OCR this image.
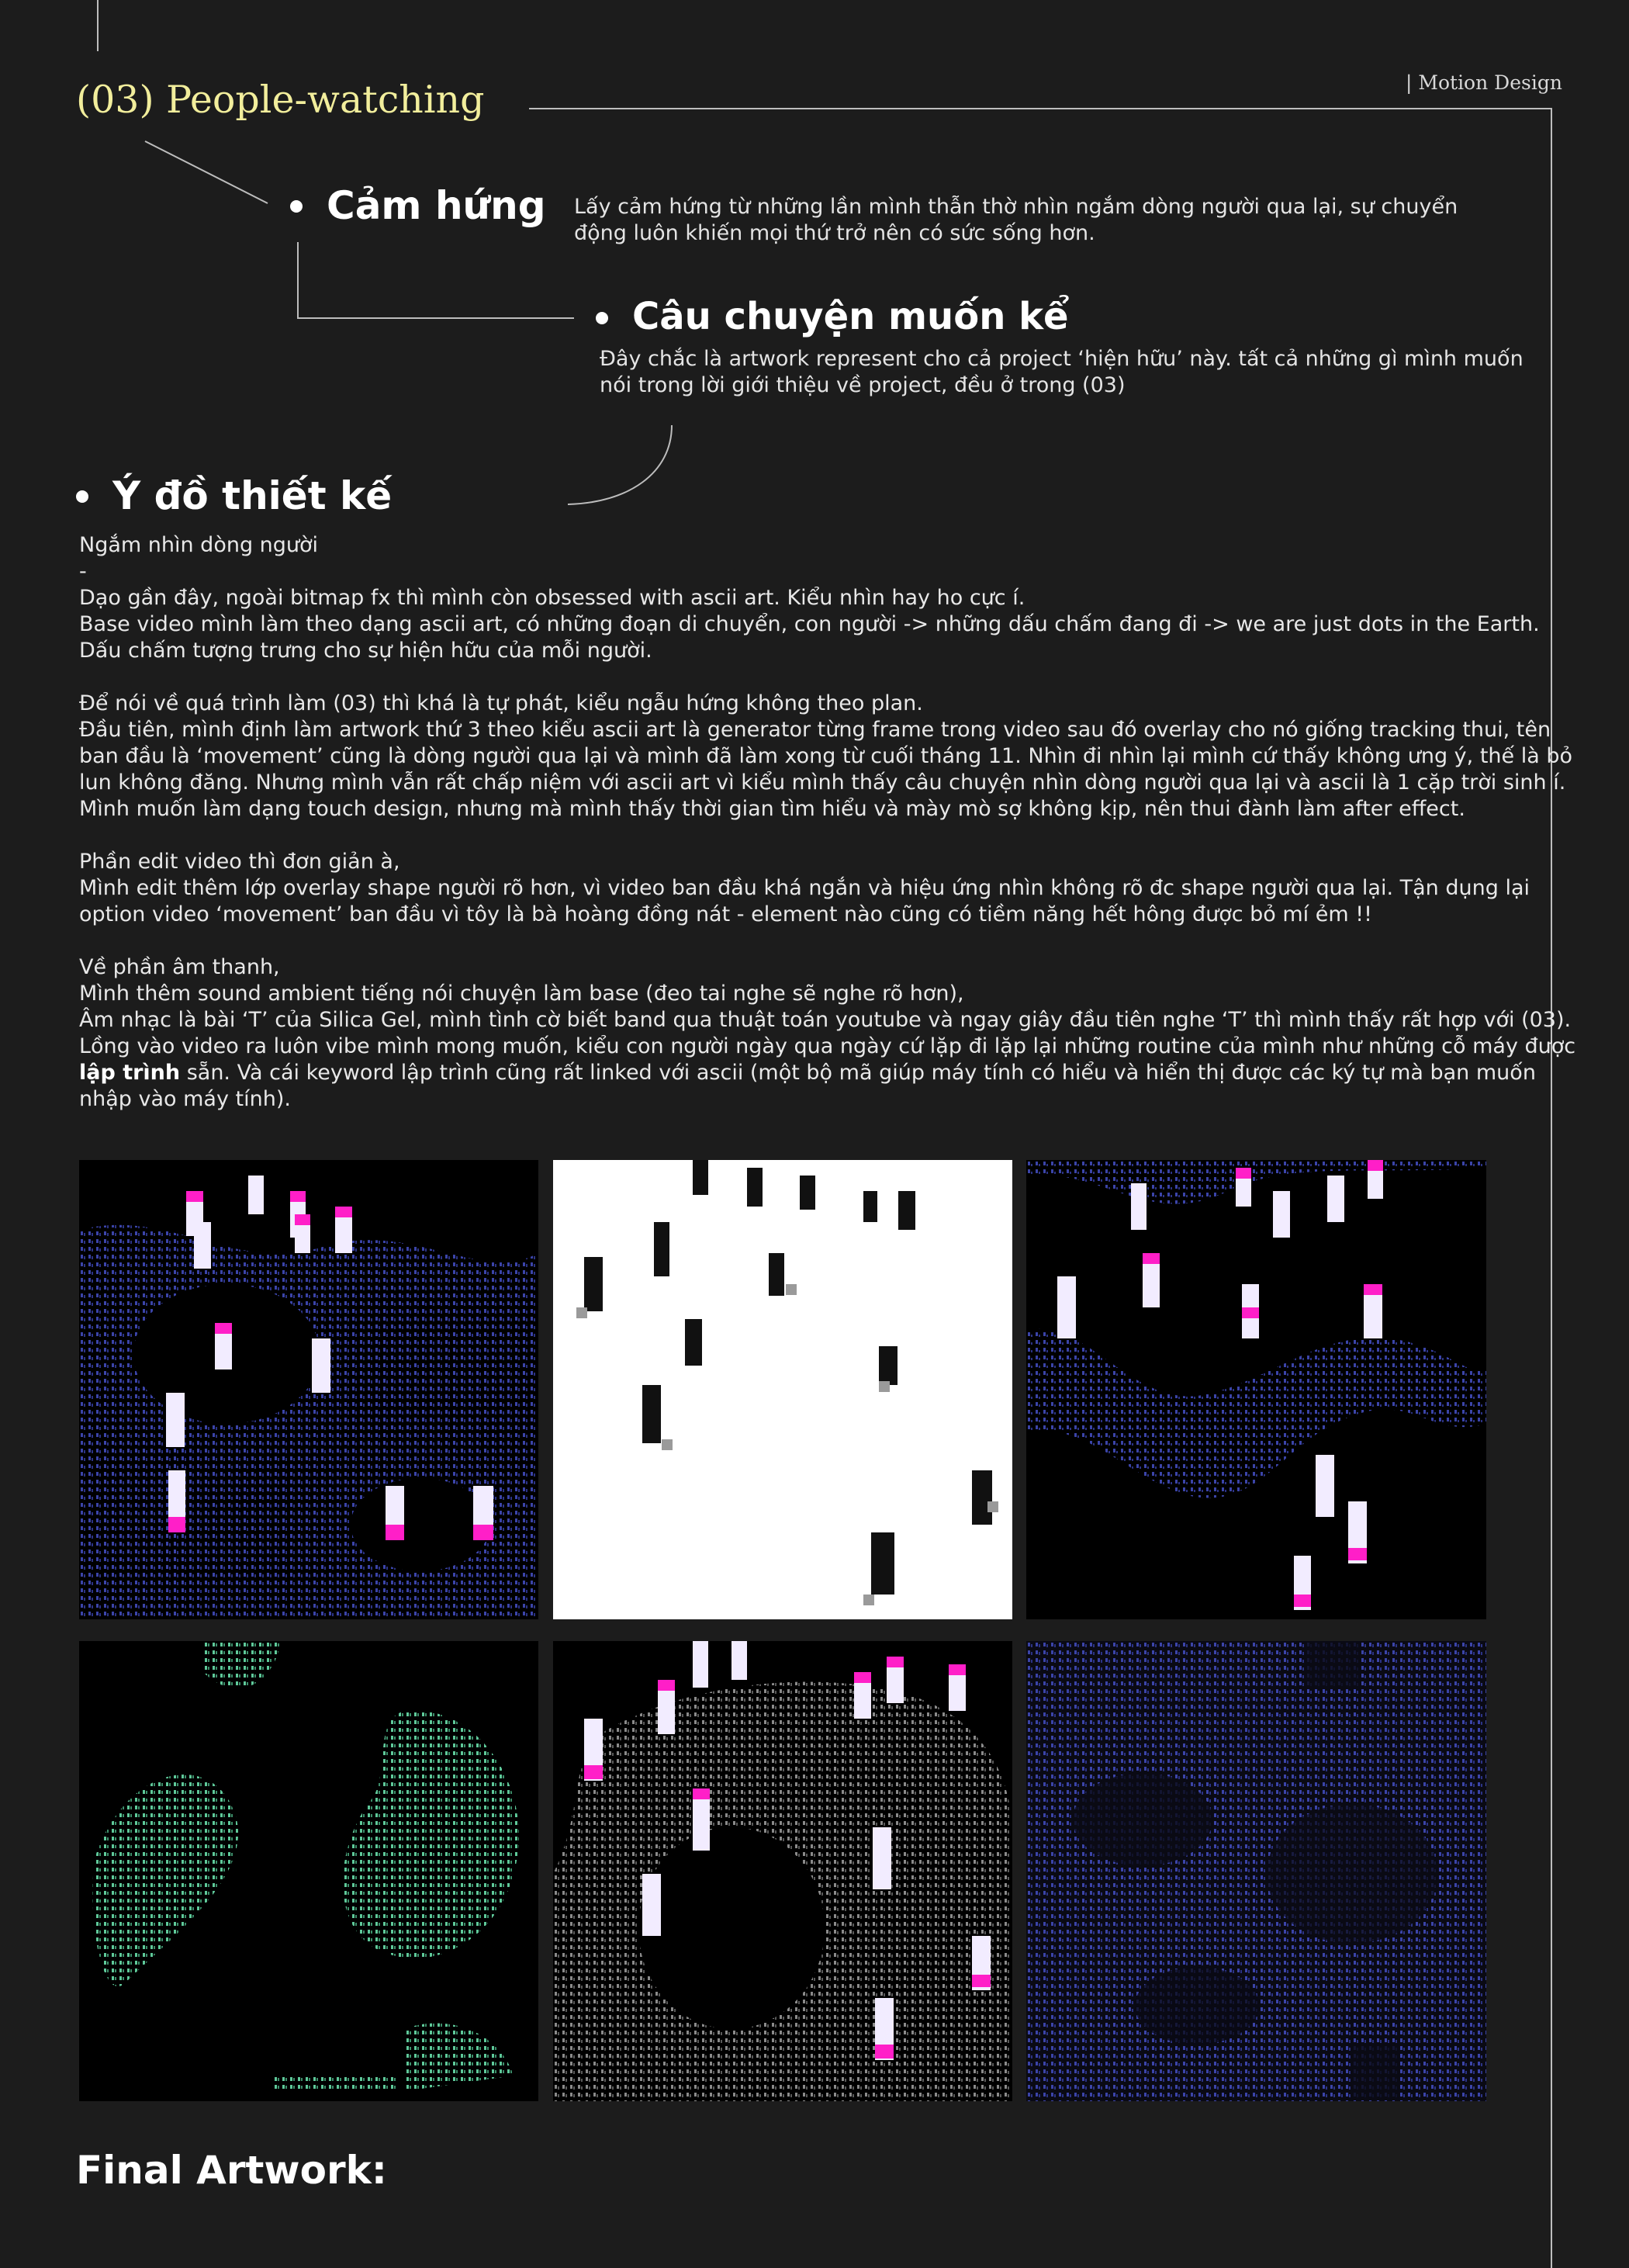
(03) People-watching	| Motion Design
Cảm hứng Lấy cảm hứng từ những lần mình thẫn thờ nhìn ngắm dòng người qua lại, sự chuyển động luôn khiến mọi thứ trở nên có sức sống hơn.
Câu chuyện muốn kể
Đây chắc là artwork represent cho cả project ‘hiện hữu’ này. tất cả những gì mình muốn nói trong lời giới thiệu về project, đều ở trong (03)
Ý đồ thiết kế
Ngắm nhìn dòng người
-
Dạo gần đây, ngoài bitmap fx thì mình còn obsessed with ascii art. Kiểu nhìn hay ho cực í.
Base video mình làm theo dạng ascii art, có những đoạn di chuyển, con người -> những dấu chấm đang đi -> we are just dots in the Earth.
Dấu chấm tượng trưng cho sự hiện hữu của mỗi người.
Để nói về quá trình làm (03) thì khá là tự phát, kiểu ngẫu hứng không theo plan.
Đầu tiên, mình định làm artwork thứ 3 theo kiểu ascii art là generator từng frame trong video sau đó overlay cho nó giống tracking thui, tên
ban đầu là ‘movement’ cũng là dòng người qua lại và mình đã làm xong từ cuối tháng 11. Nhìn đi nhìn lại mình cứ thấy không ưng ý, thế là bỏ
lun không đăng. Nhưng mình vẫn rất chấp niệm với ascii art vì kiểu mình thấy câu chuyện nhìn dòng người qua lại và ascii là 1 cặp trời sinh í.
Mình muốn làm dạng touch design, nhưng mà mình thấy thời gian tìm hiểu và mày mò sợ không kịp, nên thui đành làm after effect.
Phần edit video thì đơn giản à,
Mình edit thêm lớp overlay shape người rõ hơn, vì video ban đầu khá ngắn và hiệu ứng nhìn không rõ đc shape người qua lại. Tận dụng lại
option video ‘movement’ ban đầu vì tôy là bà hoàng đồng nát - element nào cũng có tiềm năng hết hông được bỏ mí ẻm !!
Về phần âm thanh,
Mình thêm sound ambient tiếng nói chuyện làm base (đeo tai nghe sẽ nghe rõ hơn),
Âm nhạc là bài ‘T’ của Silica Gel, mình tình cờ biết band qua thuật toán youtube và ngay giây đầu tiên nghe ‘T’ thì mình thấy rất hợp với (03).
Lồng vào video ra luôn vibe mình mong muốn, kiểu con người ngày qua ngày cứ lặp đi lặp lại những routine của mình như những cỗ máy được
lập trình sẵn. Và cái keyword lập trình cũng rất linked với ascii (một bộ mã giúp máy tính có hiểu và hiển thị được các ký tự mà bạn muốn
nhập vào máy tính).
Final Artwork:
